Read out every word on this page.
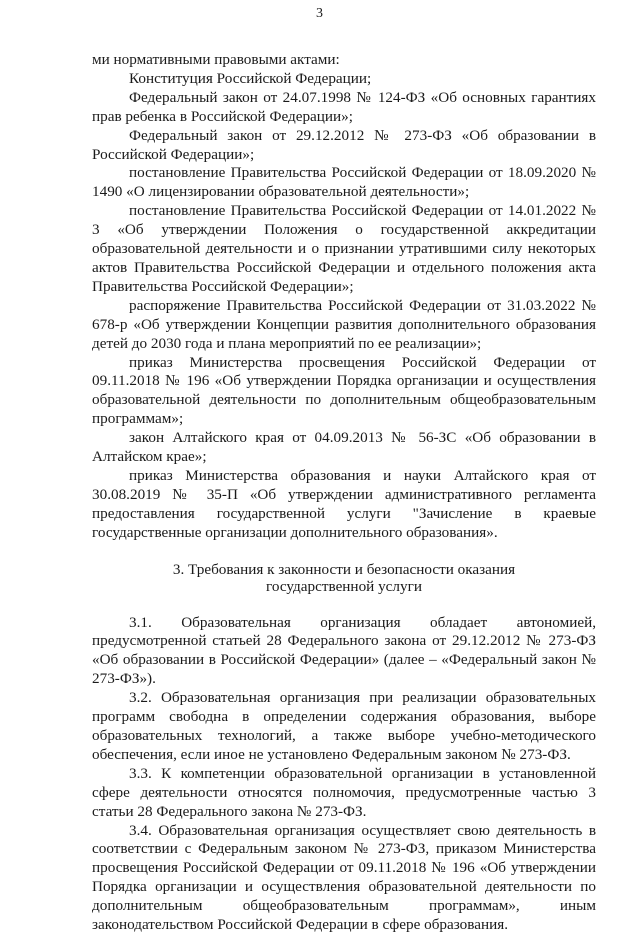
3

ми нормативными правовыми актами:

Конституция Российской Федерации;

Федеральный закон от 24.07.1998 № 124-ФЗ «Об основных гарантиях прав ребенка в Российской Федерации»;

Федеральный закон от 29.12.2012 № 273-ФЗ «Об образовании в Российской Федерации»;

постановление Правительства Российской Федерации от 18.09.2020 № 1490 «О лицензировании образовательной деятельности»;

постановление Правительства Российской Федерации от 14.01.2022 № 3 «Об утверждении Положения о государственной аккредитации образовательной деятельности и о признании утратившими силу некоторых актов Правительства Российской Федерации и отдельного положения акта Правительства Российской Федерации»;

распоряжение Правительства Российской Федерации от 31.03.2022 № 678-р «Об утверждении Концепции развития дополнительного образования детей до 2030 года и плана мероприятий по ее реализации»;

приказ Министерства просвещения Российской Федерации от 09.11.2018 № 196 «Об утверждении Порядка организации и осуществления образовательной деятельности по дополнительным общеобразовательным программам»;

закон Алтайского края от 04.09.2013 № 56-ЗС «Об образовании в Алтайском крае»;

приказ Министерства образования и науки Алтайского края от 30.08.2019 № 35-П «Об утверждении административного регламента предоставления государственной услуги "Зачисление в краевые государственные организации дополнительного образования».

3. Требования к законности и безопасности оказания
государственной услуги

3.1. Образовательная организация обладает автономией, предусмотренной статьей 28 Федерального закона от 29.12.2012 № 273-ФЗ «Об образовании в Российской Федерации» (далее – «Федеральный закон № 273-ФЗ»).

3.2. Образовательная организация при реализации образовательных программ свободна в определении содержания образования, выборе образовательных технологий, а также выборе учебно-методического обеспечения, если иное не установлено Федеральным законом № 273-ФЗ.

3.3. К компетенции образовательной организации в установленной сфере деятельности относятся полномочия, предусмотренные частью 3 статьи 28 Федерального закона № 273-ФЗ.

3.4. Образовательная организация осуществляет свою деятельность в соответствии с Федеральным законом № 273-ФЗ, приказом Министерства просвещения Российской Федерации от 09.11.2018 № 196 «Об утверждении Порядка организации и осуществления образовательной деятельности по дополнительным общеобразовательным программам», иным законодательством Российской Федерации в сфере образования.
